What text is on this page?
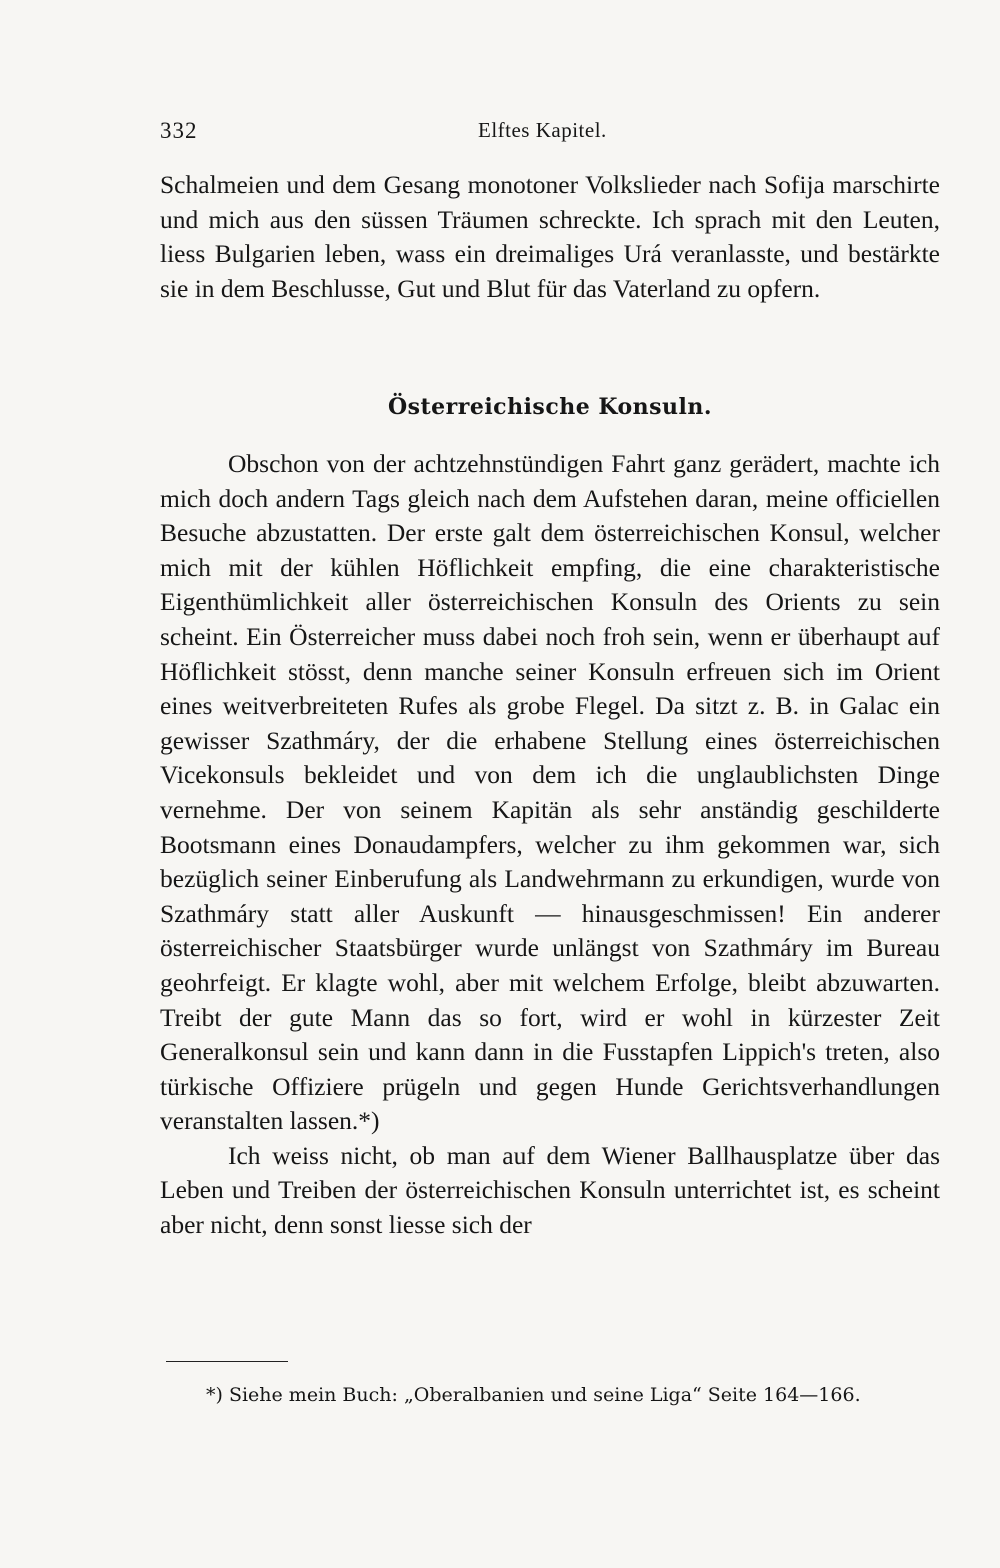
332	Elftes Kapitel.

Schalmeien und dem Gesang monotoner Volkslieder nach Sofija marschirte und mich aus den süssen Träumen schreckte. Ich sprach mit den Leuten, liess Bulgarien leben, wass ein dreimaliges Urá veranlasste, und bestärkte sie in dem Beschlusse, Gut und Blut für das Vaterland zu opfern.

Österreichische Konsuln.

Obschon von der achtzehnstündigen Fahrt ganz gerädert, machte ich mich doch andern Tags gleich nach dem Aufstehen daran, meine officiellen Besuche abzustatten. Der erste galt dem österreichischen Konsul, welcher mich mit der kühlen Höflichkeit empfing, die eine charakteristische Eigenthümlichkeit aller österreichischen Konsuln des Orients zu sein scheint. Ein Österreicher muss dabei noch froh sein, wenn er überhaupt auf Höflichkeit stösst, denn manche seiner Konsuln erfreuen sich im Orient eines weitverbreiteten Rufes als grobe Flegel. Da sitzt z. B. in Galac ein gewisser Szathmáry, der die erhabene Stellung eines österreichischen Vicekonsuls bekleidet und von dem ich die unglaublichsten Dinge vernehme. Der von seinem Kapitän als sehr anständig geschilderte Bootsmann eines Donaudampfers, welcher zu ihm gekommen war, sich bezüglich seiner Einberufung als Landwehrmann zu erkundigen, wurde von Szathmáry statt aller Auskunft — hinausgeschmissen! Ein anderer österreichischer Staatsbürger wurde unlängst von Szathmáry im Bureau geohrfeigt. Er klagte wohl, aber mit welchem Erfolge, bleibt abzuwarten. Treibt der gute Mann das so fort, wird er wohl in kürzester Zeit Generalkonsul sein und kann dann in die Fusstapfen Lippich's treten, also türkische Offiziere prügeln und gegen Hunde Gerichtsverhandlungen veranstalten lassen.*)

Ich weiss nicht, ob man auf dem Wiener Ballhausplatze über das Leben und Treiben der österreichischen Konsuln unterrichtet ist, es scheint aber nicht, denn sonst liesse sich der

*) Siehe mein Buch: „Oberalbanien und seine Liga“ Seite 164—166.
